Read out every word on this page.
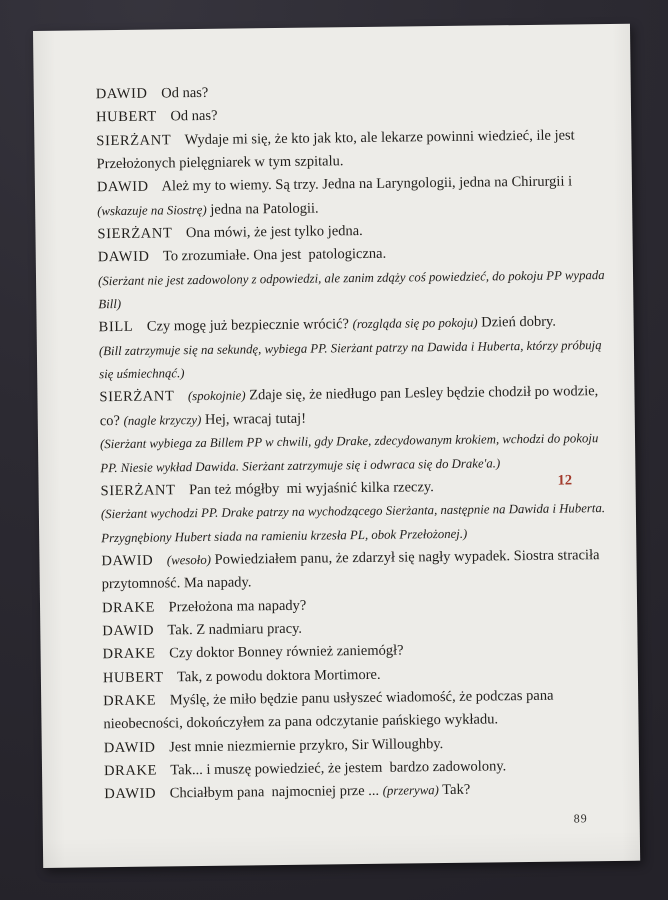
DAWID Od nas?
HUBERT Od nas?
SIERŻANT Wydaje mi się, że kto jak kto, ale lekarze powinni wiedzieć, ile jest
Przełożonych pielęgniarek w tym szpitalu.
DAWID Ależ my to wiemy. Są trzy. Jedna na Laryngologii, jedna na Chirurgii i
(wskazuje na Siostrę) jedna na Patologii.
SIERŻANT Ona mówi, że jest tylko jedna.
DAWID To zrozumiałe. Ona jest  patologiczna.
(Sierżant nie jest zadowolony z odpowiedzi, ale zanim zdąży coś powiedzieć, do pokoju PP wypada
Bill)
BILL Czy mogę już bezpiecznie wrócić? (rozgląda się po pokoju) Dzień dobry.
(Bill zatrzymuje się na sekundę, wybiega PP. Sierżant patrzy na Dawida i Huberta, którzy próbują
się uśmiechnąć.)
SIERŻANT (spokojnie) Zdaje się, że niedługo pan Lesley będzie chodził po wodzie,
co? (nagle krzyczy) Hej, wracaj tutaj!
(Sierżant wybiega za Billem PP w chwili, gdy Drake, zdecydowanym krokiem, wchodzi do pokoju
PP. Niesie wykład Dawida. Sierżant zatrzymuje się i odwraca się do Drake'a.)
SIERŻANT Pan też mógłby  mi wyjaśnić kilka rzeczy.
(Sierżant wychodzi PP. Drake patrzy na wychodzącego Sierżanta, następnie na Dawida i Huberta.
Przygnębiony Hubert siada na ramieniu krzesła PL, obok Przełożonej.)
DAWID (wesoło) Powiedziałem panu, że zdarzył się nagły wypadek. Siostra straciła
przytomność. Ma napady.
DRAKE Przełożona ma napady?
DAWID Tak. Z nadmiaru pracy.
DRAKE Czy doktor Bonney również zaniemógł?
HUBERT Tak, z powodu doktora Mortimore.
DRAKE Myślę, że miło będzie panu usłyszeć wiadomość, że podczas pana
nieobecności, dokończyłem za pana odczytanie pańskiego wykładu.
DAWID Jest mnie niezmiernie przykro, Sir Willoughby.
DRAKE Tak... i muszę powiedzieć, że jestem  bardzo zadowolony.
DAWID Chciałbym pana  najmocniej prze ... (przerywa) Tak?
12
89
